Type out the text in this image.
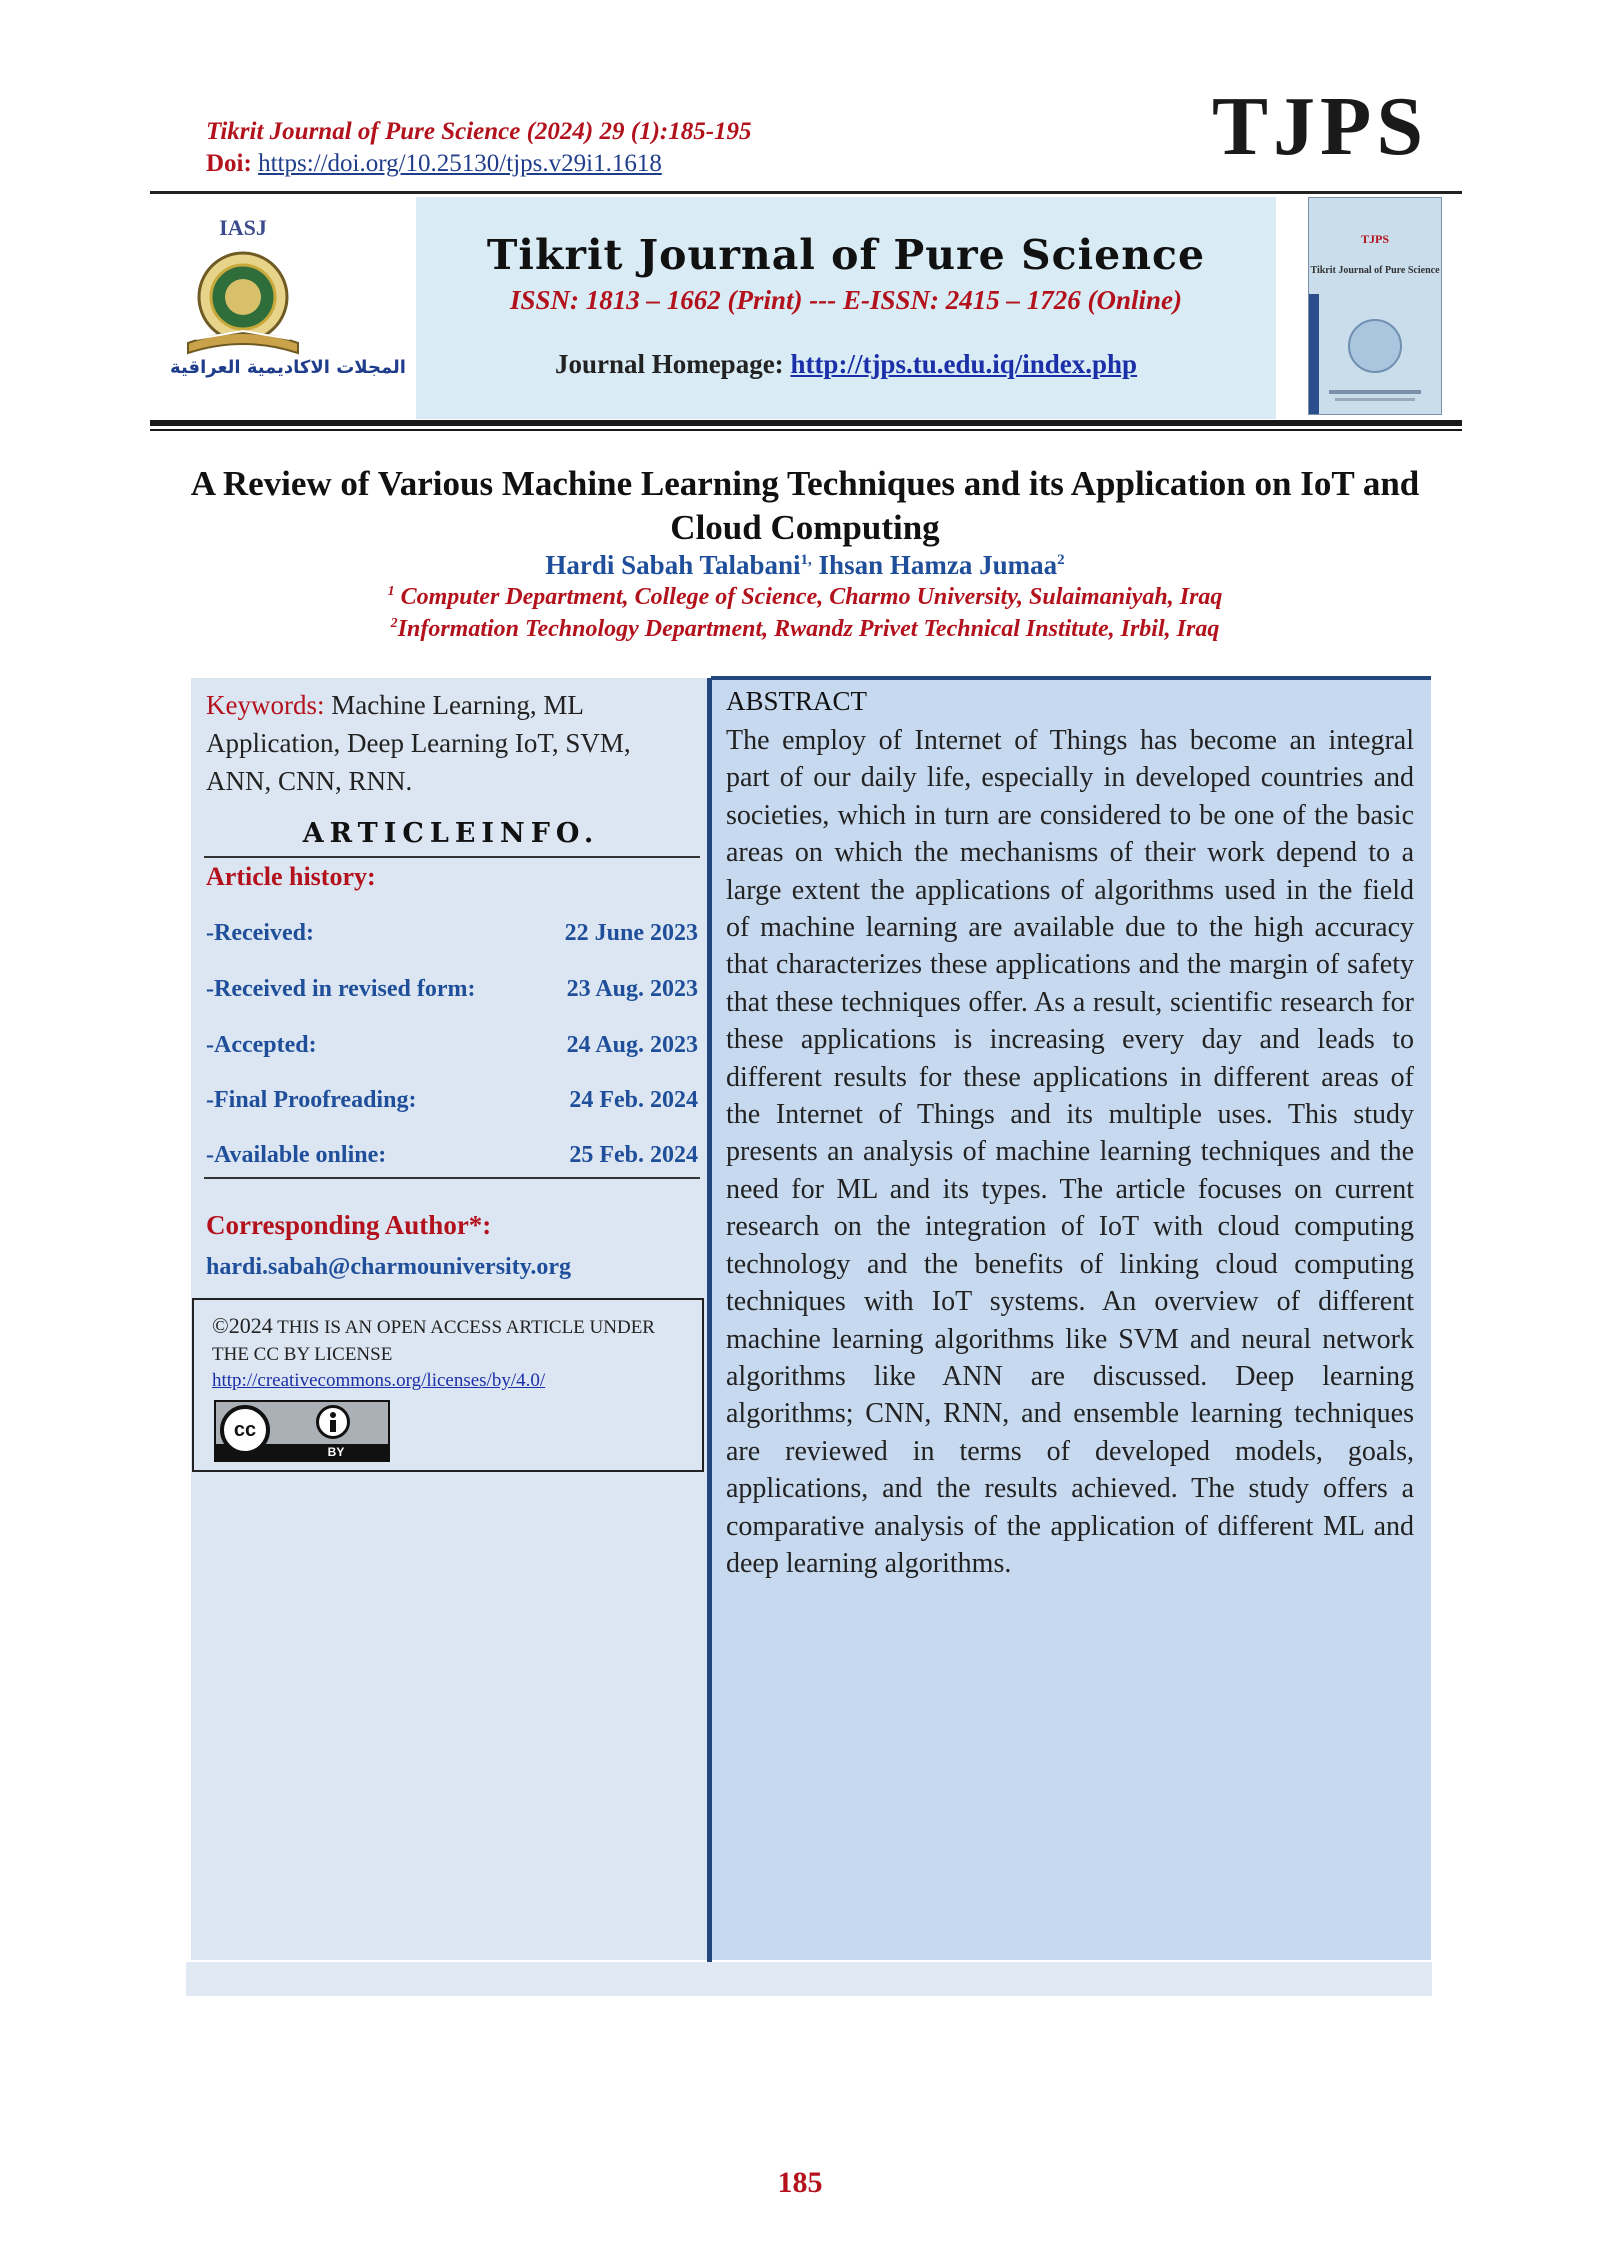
Tikrit Journal of Pure Science (2024) 29 (1):185-195
Doi: https://doi.org/10.25130/tjps.v29i1.1618	TJPS
IASJ
المجلات الاكاديمية العراقية
Tikrit Journal of Pure Science
ISSN: 1813 – 1662 (Print) --- E-ISSN: 2415 – 1726 (Online)
Journal Homepage: http://tjps.tu.edu.iq/index.php
TJPS
Tikrit Journal of Pure Science
A Review of Various Machine Learning Techniques and its Application on IoT and Cloud Computing
Hardi Sabah Talabani$^{1,}$ Ihsan Hamza Jumaa$^2$
$^1$ Computer Department, College of Science, Charmo University, Sulaimaniyah, Iraq
$^2$Information Technology Department, Rwandz Privet Technical Institute, Irbil, Iraq
Keywords: Machine Learning, ML Application, Deep Learning IoT, SVM, ANN, CNN, RNN.
ARTICLEINFO.
Article history:
-Received:	22 June 2023
-Received in revised form:	23 Aug. 2023
-Accepted:	24 Aug. 2023
-Final Proofreading:	24 Feb. 2024
-Available online:	25 Feb. 2024
Corresponding Author*:
hardi.sabah@charmouniversity.org
©2024 THIS IS AN OPEN ACCESS ARTICLE UNDER THE CC BY LICENSE
http://creativecommons.org/licenses/by/4.0/
cc
BY
ABSTRACT
The employ of Internet of Things has become an integral part of our daily life, especially in developed countries and societies, which in turn are considered to be one of the basic areas on which the mechanisms of their work depend to a large extent the applications of algorithms used in the field of machine learning are available due to the high accuracy that characterizes these applications and the margin of safety that these techniques offer. As a result, scientific research for these applications is increasing every day and leads to different results for these applications in different areas of the Internet of Things and its multiple uses. This study presents an analysis of machine learning techniques and the need for ML and its types. The article focuses on current research on the integration of IoT with cloud computing technology and the benefits of linking cloud computing techniques with IoT systems. An overview of different machine learning algorithms like SVM and neural network algorithms like ANN are discussed. Deep learning algorithms; CNN, RNN, and ensemble learning techniques are reviewed in terms of developed models, goals, applications, and the results achieved. The study offers a comparative analysis of the application of different ML and deep learning algorithms.
185
